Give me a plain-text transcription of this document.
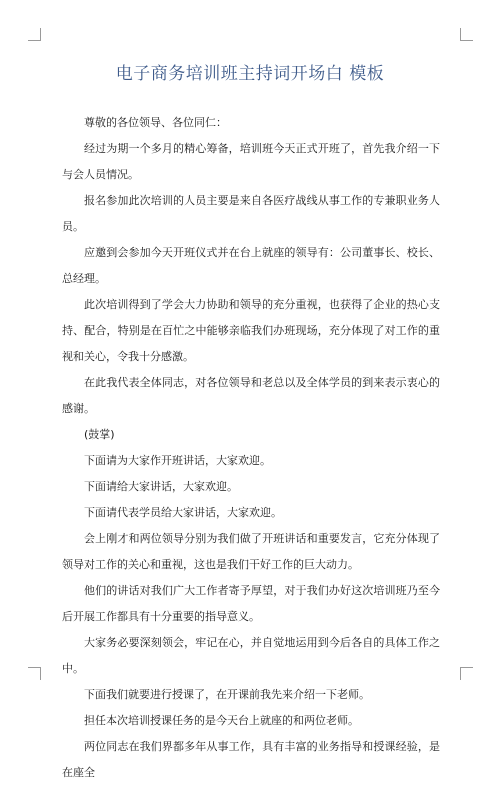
电子商务培训班主持词开场白 模板

尊敬的各位领导、各位同仁：

经过为期一个多月的精心筹备，培训班今天正式开班了，首先我介绍一下与会人员情况。

报名参加此次培训的人员主要是来自各医疗战线从事工作的专兼职业务人员。

应邀到会参加今天开班仪式并在台上就座的领导有：公司董事长、校长、总经理。

此次培训得到了学会大力协助和领导的充分重视，也获得了企业的热心支持、配合，特别是在百忙之中能够亲临我们办班现场，充分体现了对工作的重视和关心，令我十分感激。

在此我代表全体同志，对各位领导和老总以及全体学员的到来表示衷心的感谢。

(鼓掌)

下面请为大家作开班讲话，大家欢迎。

下面请给大家讲话，大家欢迎。

下面请代表学员给大家讲话，大家欢迎。

会上刚才和两位领导分别为我们做了开班讲话和重要发言，它充分体现了领导对工作的关心和重视，这也是我们干好工作的巨大动力。

他们的讲话对我们广大工作者寄予厚望，对于我们办好这次培训班乃至今后开展工作都具有十分重要的指导意义。

大家务必要深刻领会，牢记在心，并自觉地运用到今后各自的具体工作之中。

下面我们就要进行授课了，在开课前我先来介绍一下老师。

担任本次培训授课任务的是今天台上就座的和两位老师。

两位同志在我们界都多年从事工作，具有丰富的业务指导和授课经验，是在座全
